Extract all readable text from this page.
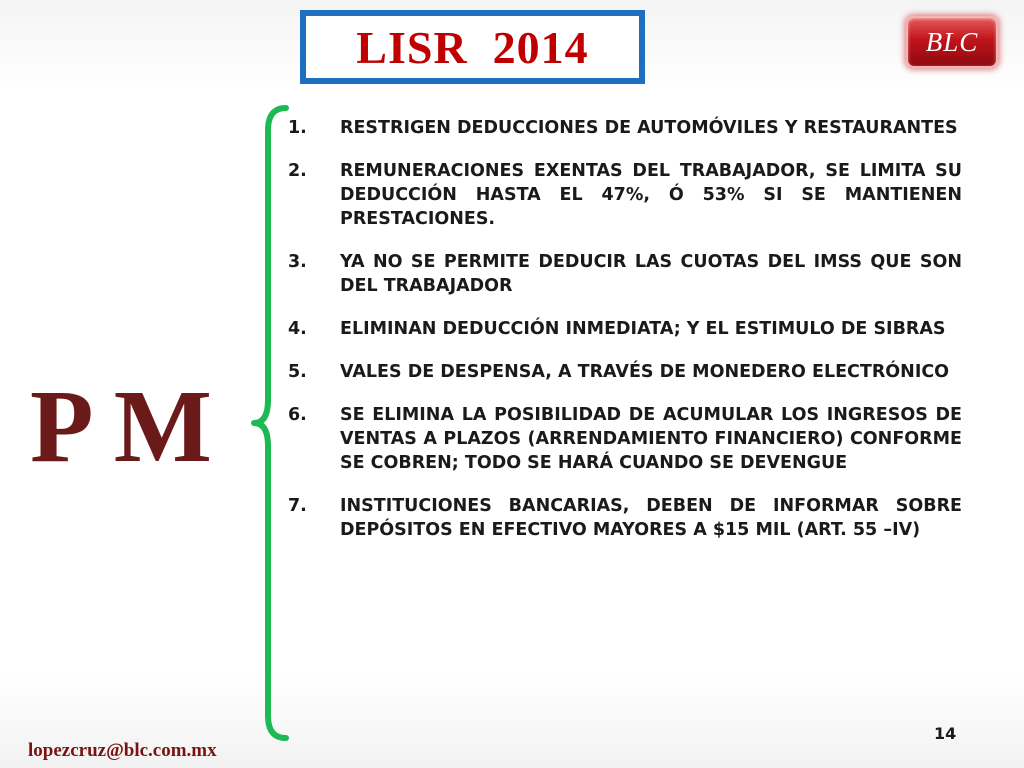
LISR  2014	BLC
P M
1.	RESTRIGEN DEDUCCIONES DE AUTOMÓVILES Y RESTAURANTES
2.	REMUNERACIONES EXENTAS DEL TRABAJADOR, SE LIMITA SU DEDUCCIÓN HASTA EL 47%, Ó 53% SI SE MANTIENEN PRESTACIONES.
3.	YA NO SE PERMITE DEDUCIR LAS CUOTAS DEL IMSS QUE SON DEL TRABAJADOR
4.	ELIMINAN DEDUCCIÓN INMEDIATA; Y EL ESTIMULO DE SIBRAS
5.	VALES DE DESPENSA, A TRAVÉS DE MONEDERO ELECTRÓNICO
6.	SE ELIMINA LA POSIBILIDAD DE ACUMULAR LOS INGRESOS DE VENTAS A PLAZOS (ARRENDAMIENTO FINANCIERO) CONFORME SE COBREN; TODO SE HARÁ CUANDO SE DEVENGUE
7.	INSTITUCIONES BANCARIAS, DEBEN DE INFORMAR SOBRE DEPÓSITOS EN EFECTIVO MAYORES A $15 MIL (ART. 55 –IV)
14
lopezcruz@blc.com.mx
